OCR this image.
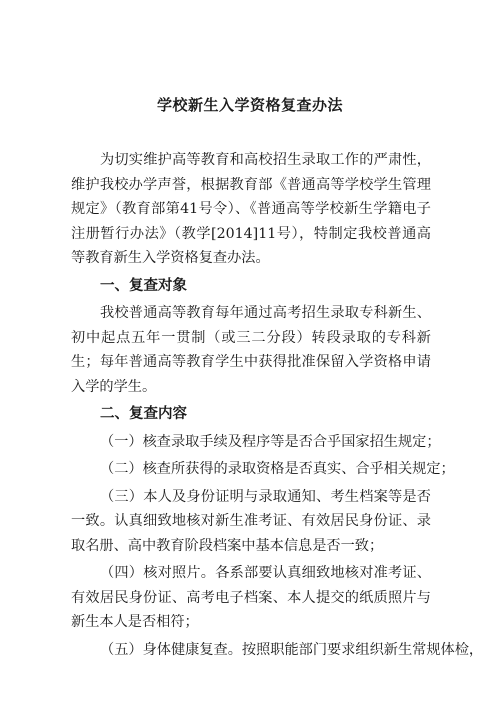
学校新生入学资格复查办法

为切实维护高等教育和高校招生录取工作的严肃性，维护我校办学声誉，根据教育部《普通高等学校学生管理规定》（教育部第41号令）、《普通高等学校新生学籍电子注册暂行办法》（教学[2014]11号），特制定我校普通高等教育新生入学资格复查办法。

一、复查对象

我校普通高等教育每年通过高考招生录取专科新生、初中起点五年一贯制（或三二分段）转段录取的专科新生；每年普通高等教育学生中获得批准保留入学资格申请入学的学生。

二、复查内容

（一）核查录取手续及程序等是否合乎国家招生规定；

（二）核查所获得的录取资格是否真实、合乎相关规定；

（三）本人及身份证明与录取通知、考生档案等是否一致。认真细致地核对新生准考证、有效居民身份证、录取名册、高中教育阶段档案中基本信息是否一致；

（四）核对照片。各系部要认真细致地核对准考证、有效居民身份证、高考电子档案、本人提交的纸质照片与新生本人是否相符；

（五）身体健康复查。按照职能部门要求组织新生常规体检，
